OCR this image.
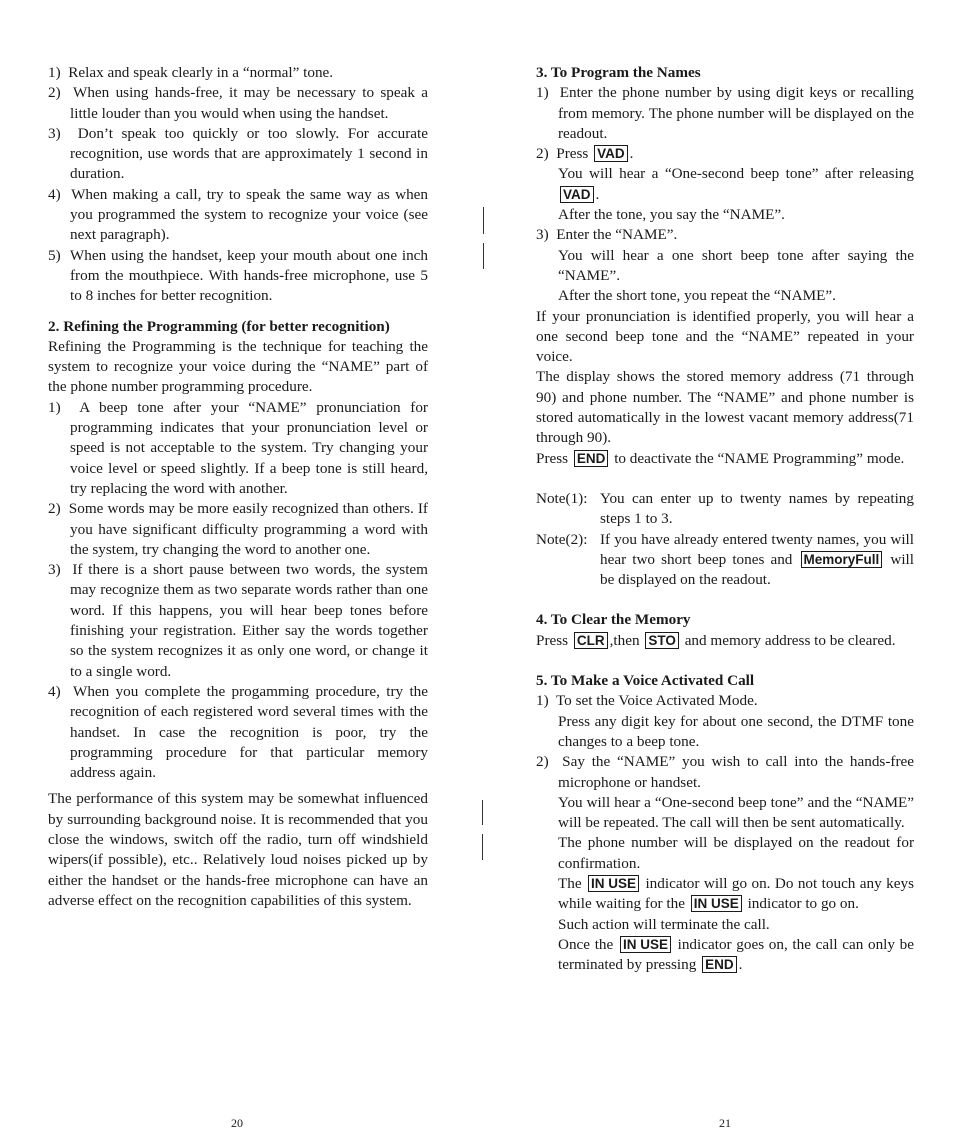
1)  Relax and speak clearly in a “normal” tone.

2)  When using hands-free, it may be necessary to speak a little louder than you would when using the handset.

3)  Don’t speak too quickly or too slowly. For accurate recognition, use words that are approximately 1 second in duration.

4)  When making a call, try to speak the same way as when you programmed the system to recognize your voice (see next paragraph).

5)  When using the handset, keep your mouth about one inch from the mouthpiece. With hands-free microphone, use 5 to 8 inches for better recognition.

2. Refining the Programming (for better recognition)

Refining the Programming is the technique for teaching the system to recognize your voice during the “NAME” part of the phone number programming procedure.

1)  A beep tone after your “NAME” pronunciation for programming indicates that your pronunciation level or speed is not acceptable to the system. Try changing your voice level or speed slightly. If a beep tone is still heard, try replacing the word with another.

2)  Some words may be more easily recognized than others. If you have significant difficulty programming a word with the system, try changing the word to another one.

3)  If there is a short pause between two words, the system may recognize them as two separate words rather than one word. If this happens, you will hear beep tones before finishing your registration. Either say the words together so the system recognizes it as only one word, or change it to a single word.

4)  When you complete the progamming procedure, try the recognition of each registered word several times with the handset. In case the recognition is poor, try the programming procedure for that particular memory address again.

The performance of this system may be somewhat influenced by surrounding background noise. It is recommended that you close the windows, switch off the radio, turn off windshield wipers(if possible), etc.. Relatively loud noises picked up by either the handset or the hands-free microphone can have an adverse effect on the recognition capabilities of this system.

3. To Program the Names

1)  Enter the phone number by using digit keys or recalling from memory. The phone number will be displayed on the readout.

2)  Press VAD .

You will hear a “One-second beep tone” after releasing VAD .

After the tone, you say the “NAME”.

3)  Enter the “NAME”.

You will hear a one short beep tone after saying the “NAME”.

After the short tone, you repeat the “NAME”.

If your pronunciation is identified properly, you will hear a one second beep tone and the “NAME” repeated in your voice.

The display shows the stored memory address (71 through 90) and phone number. The “NAME” and phone number is stored automatically in the lowest vacant memory address(71 through 90).

Press END to deactivate the “NAME Programming” mode.

Note(1): You can enter up to twenty names by repeating steps 1 to 3.
Note(2): If you have already entered twenty names, you will hear two short beep tones and MemoryFull will be displayed on the readout.

4. To Clear the Memory

Press CLR ,then STO and memory address to be cleared.

5. To Make a Voice Activated Call

1)  To set the Voice Activated Mode.

Press any digit key for about one second, the DTMF tone changes to a beep tone.

2)  Say the “NAME” you wish to call into the hands-free microphone or handset.

You will hear a “One-second beep tone” and the “NAME” will be repeated. The call will then be sent automatically.

The phone number will be displayed on the readout for confirmation.

The IN USE indicator will go on. Do not touch any keys while waiting for the IN USE indicator to go on.

Such action will terminate the call.

Once the IN USE indicator goes on, the call can only be terminated by pressing END .

20	21
